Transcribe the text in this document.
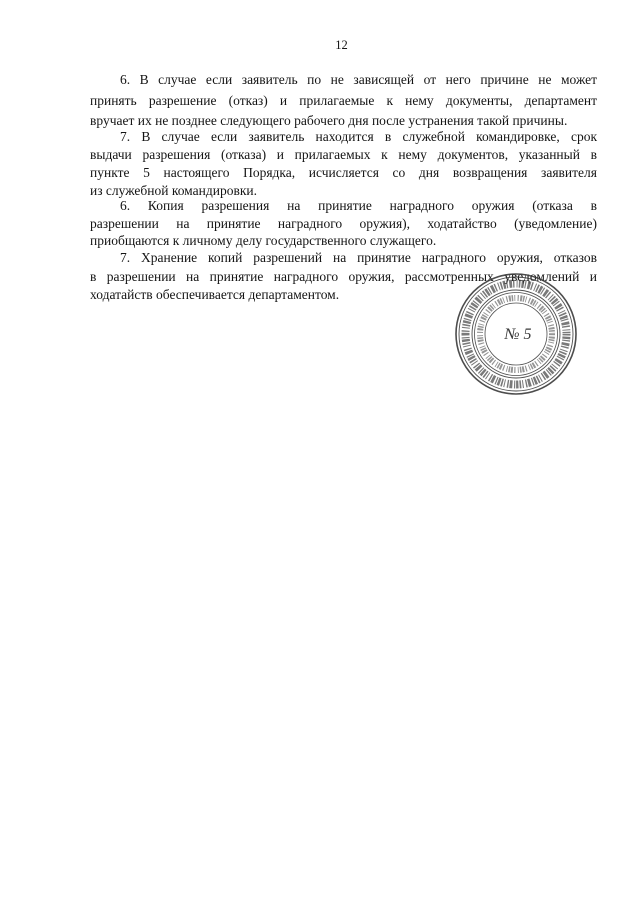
12
6. В случае если заявитель по не зависящей от него причине не может
принять разрешение (отказ) и прилагаемые к нему документы, департамент
вручает их не позднее следующего рабочего дня после устранения такой причины.
7. В случае если заявитель находится в служебной командировке, срок
выдачи разрешения (отказа) и прилагаемых к нему документов, указанный в
пункте 5 настоящего Порядка, исчисляется со дня возвращения заявителя
из служебной командировки.
6. Копия разрешения на принятие наградного оружия (отказа в
разрешении на принятие наградного оружия), ходатайство (уведомление)
приобщаются к личному делу государственного служащего.
7. Хранение копий разрешений на принятие наградного оружия, отказов
в разрешении на принятие наградного оружия, рассмотренных уведомлений и
ходатайств обеспечивается департаментом.
№ 5
